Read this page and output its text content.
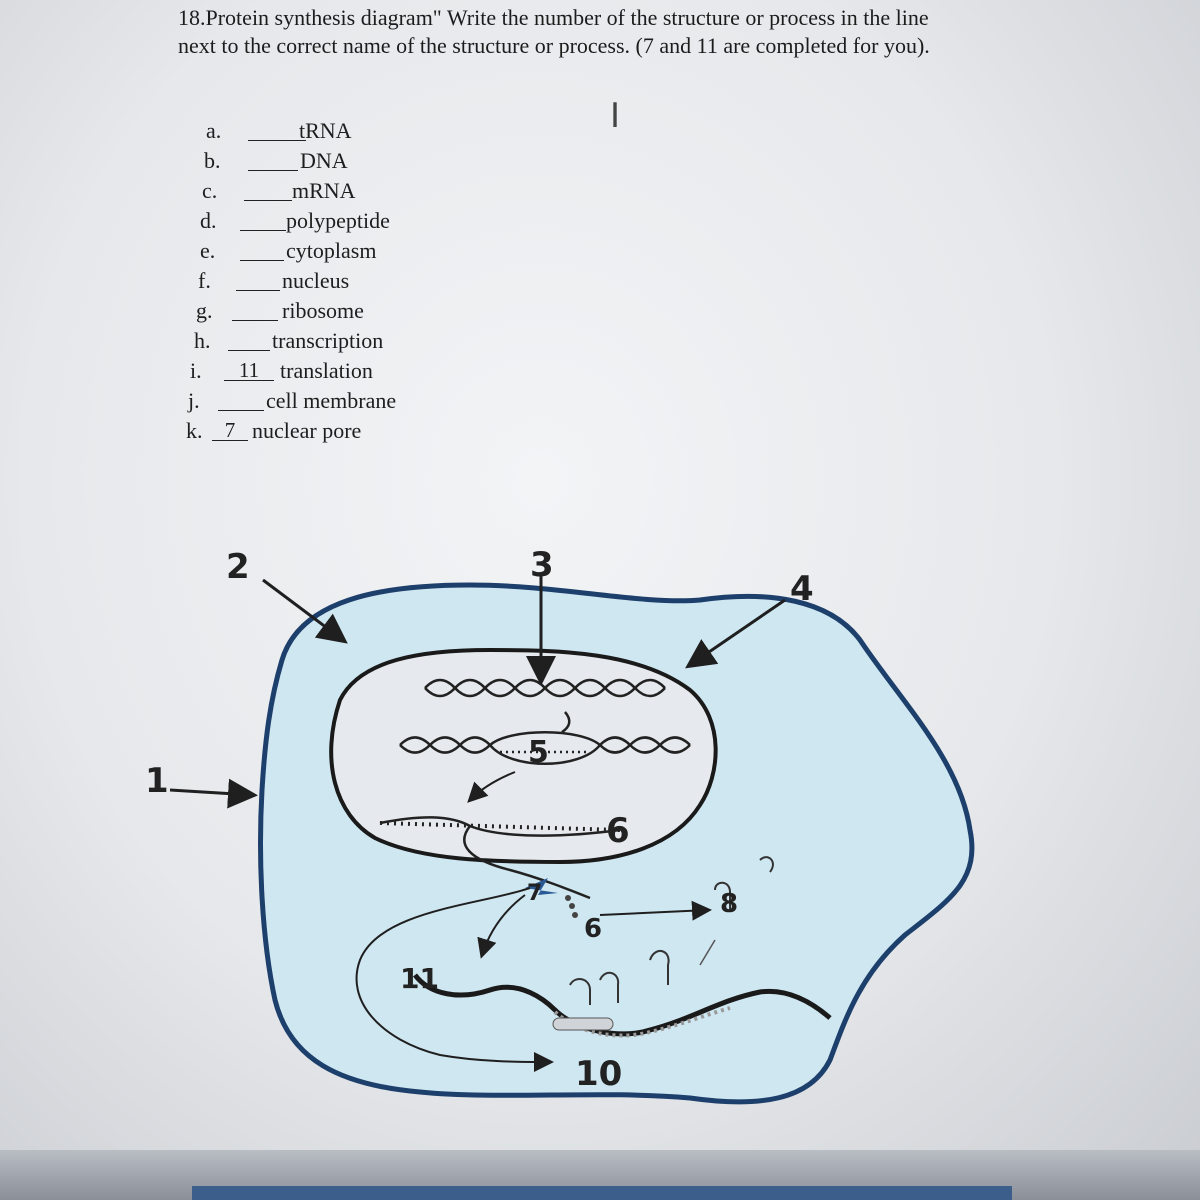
18.Protein synthesis diagram" Write the number of the structure or process in the line next to the correct name of the structure or process. (7 and 11 are completed for you).
I
a.	tRNA
b.	DNA
c.	mRNA
d.	polypeptide
e.	cytoplasm
f.	nucleus
g.	ribosome
h.	transcription
i.	11 translation
j.	cell membrane
k.	7 nuclear pore
1
2	3
4
5
6
7	8
9
10
11
